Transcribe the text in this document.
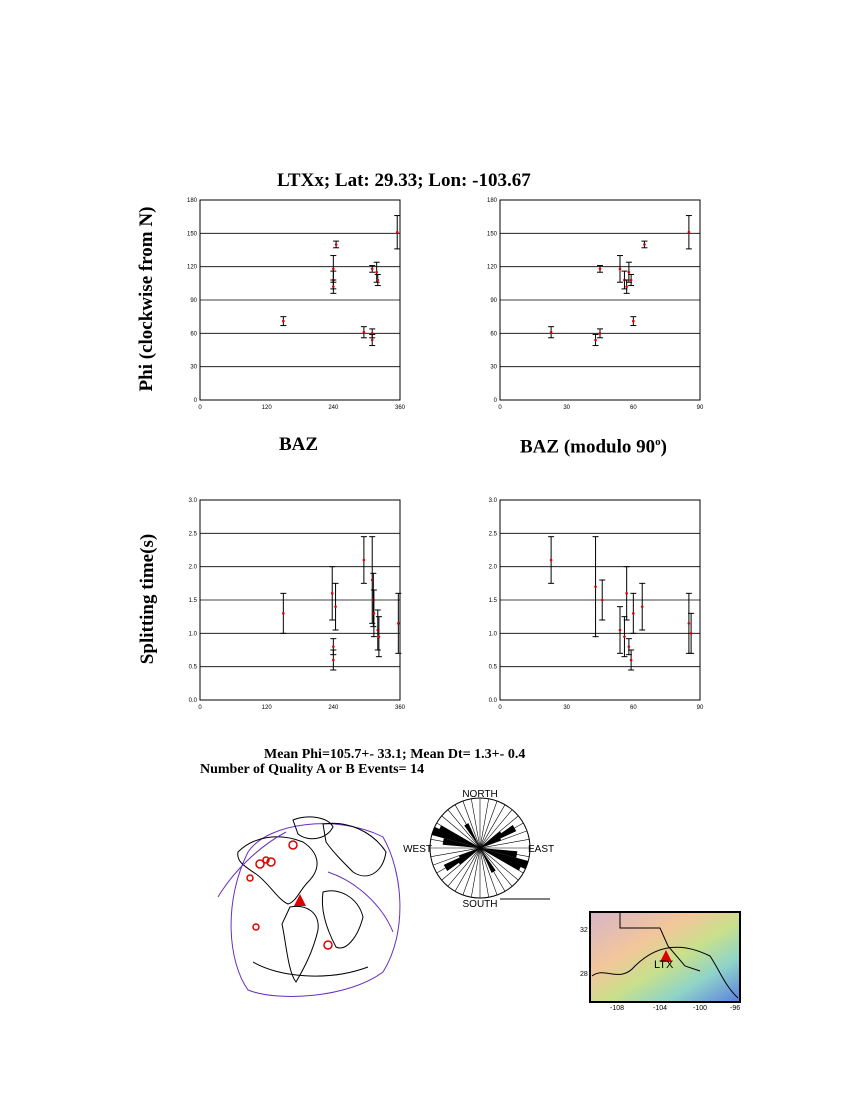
LTXx; Lat: 29.33; Lon: -103.67
Phi (clockwise from N)
Splitting time(s)
BAZ	BAZ (modulo 90$^o$)
0
30
60
90
120
150
180
0	120	240	360
0
30
60
90
120
150
180
0	30	60	90
0.0
0.5
1.0
1.5
2.0
2.5
3.0
0	120	240	360
0.0
0.5
1.0
1.5
2.0
2.5
3.0
0	30	60	90
Mean Phi=105.7+- 33.1; Mean Dt= 1.3+- 0.4
Number of Quality A or B Events= 14
NORTH
SOUTH
EAST
WEST
LTX
32
28
-108	-104	-100	-96
